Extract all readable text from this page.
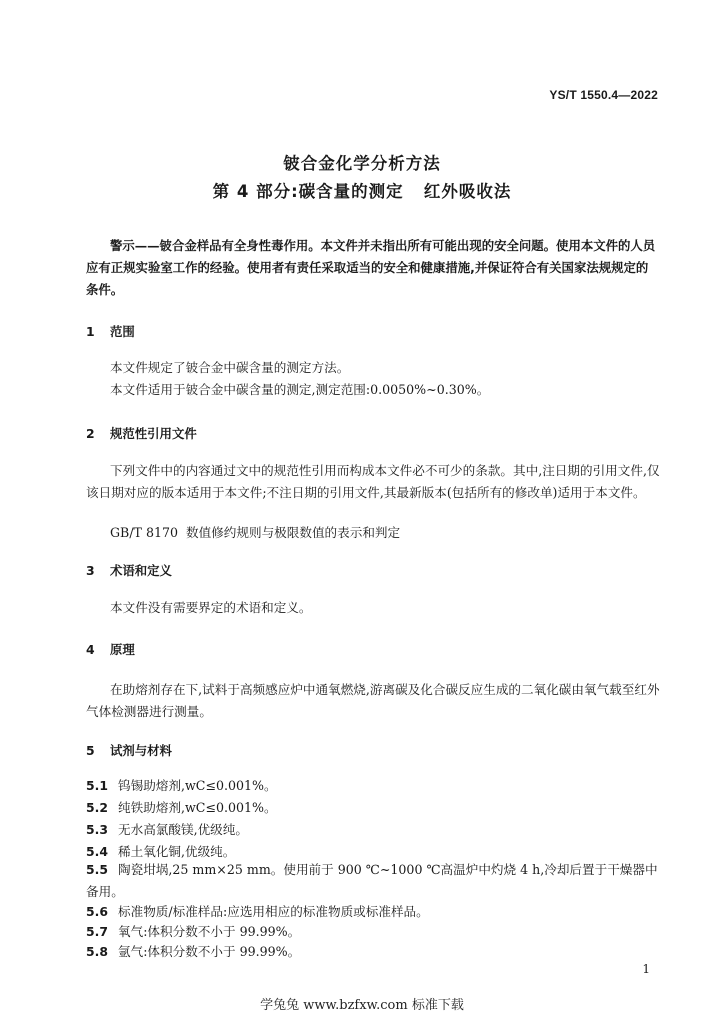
YS/T 1550.4—2022
铍合金化学分析方法
第 4 部分:碳含量的测定   红外吸收法
警示——铍合金样品有全身性毒作用。本文件并未指出所有可能出现的安全问题。使用本文件的人员应有正规实验室工作的经验。使用者有责任采取适当的安全和健康措施,并保证符合有关国家法规规定的条件。
1 范围
本文件规定了铍合金中碳含量的测定方法。
本文件适用于铍合金中碳含量的测定,测定范围:0.0050%~0.30%。
2 规范性引用文件
下列文件中的内容通过文中的规范性引用而构成本文件必不可少的条款。其中,注日期的引用文件,仅该日期对应的版本适用于本文件;不注日期的引用文件,其最新版本(包括所有的修改单)适用于本文件。
GB/T 8170 数值修约规则与极限数值的表示和判定
3 术语和定义
本文件没有需要界定的术语和定义。
4 原理
在助熔剂存在下,试料于高频感应炉中通氧燃烧,游离碳及化合碳反应生成的二氧化碳由氧气载至红外气体检测器进行测量。
5 试剂与材料
5.1 钨锡助熔剂,wC≤0.001%。
5.2 纯铁助熔剂,wC≤0.001%。
5.3 无水高氯酸镁,优级纯。
5.4 稀土氧化铜,优级纯。
5.5 陶瓷坩埚,25 mm×25 mm。使用前于 900 ℃~1000 ℃高温炉中灼烧 4 h,冷却后置于干燥器中备用。
5.6 标准物质/标准样品:应选用相应的标准物质或标准样品。
5.7 氧气:体积分数不小于 99.99%。
5.8 氩气:体积分数不小于 99.99%。
1
学兔兔 www.bzfxw.com 标准下载
